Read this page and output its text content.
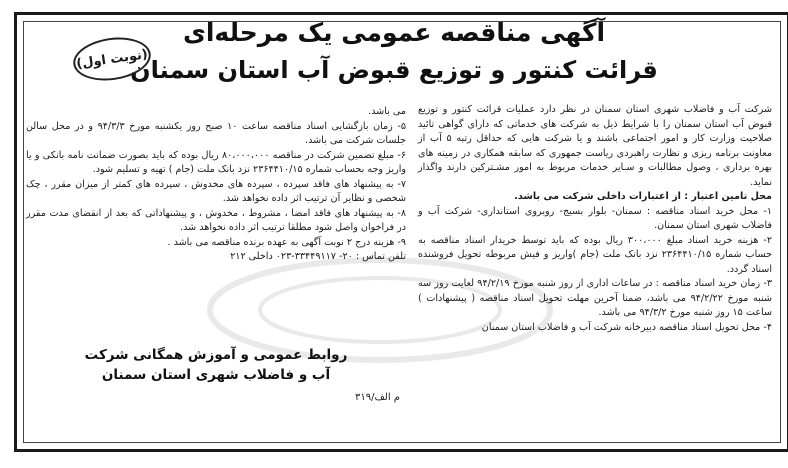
آگهی مناقصه عمومی یک مرحله‌ای
قرائت کنتور و توزیع قبوض آب استان سمنان
(نوبت اول)

شرکت آب و فاضلاب شهری استان سمنان در نظر دارد عملیات قرائت کنتور و توزیع قبوض آب استان سمنان را با شرایط ذیل به شرکت های خدماتی که دارای گواهی تائید صلاحیت وزارت کار و امور اجتماعی باشند و یا شرکت هایی که حداقل رتبه ۵ آب از معاونت برنامه ریزی و نظارت راهبردی ریاست جمهوری که سابقه همکاری در زمینه های بهره برداری ، وصول مطالبات و سـایر خدمات مربوط به امور مشـترکین دارند واگذار نماید.

محل تامین اعتبار : از اعتبارات داخلی شرکت می باشد.

۱- محل خرید اسناد مناقصه : سمنان- بلوار بسیج- روبروی استانداری- شرکت آب و فاضلاب شهری استان سمنان.

۲- هزینه خرید اسناد مبلغ ۳۰۰،۰۰۰ ریال بوده که باید توسط خریدار اسناد مناقصه به حساب شماره ۲۳۶۴۴۱۰/۱۵ نزد بانک ملت (جام )واریز و فیش مربوطه تحویل فروشنده اسناد گردد.

۳- زمان خرید اسناد مناقصه : در ساعات اداری از روز شنبه مورخ ۹۴/۲/۱۹ لغایت روز سه شنبه مورخ ۹۴/۲/۲۲ می باشد، ضمنا آخرین مهلت تحویل اسناد مناقصه ( پیشنهادات ) ساعت ۱۵ روز شنبه مورخ ۹۴/۳/۲ می باشد.

۴- محل تحویل اسناد مناقصه دبیرخانه شرکت آب و فاضلاب استان سمنان

می باشد.

۵- زمان بازگشایی اسناد مناقصه ساعت ۱۰ صبح روز یکشنبه مورخ ۹۴/۳/۳ و در محل سالن جلسات شرکت می باشد.

۶- مبلغ تضمین شرکت در مناقصه ۸۰،۰۰۰،۰۰۰ ریال بوده که باید بصورت ضمانت نامه بانکی و یا واریز وجه بحساب شماره ۲۳۶۴۴۱۰/۱۵ نزد بانک ملت (جام ) تهیه و تسلیم شود.

۷- به پیشنهاد های فاقد سپرده ، سپرده های مخدوش ، سپرده های کمتر از میزان مقرر ، چک شخصی و نظایر آن ترتیب اثر داده نخواهد شد.

۸- به پیشنهاد های فاقد امضا ، مشروط ، مخدوش ، و پیشنهاداتی که بعد از انقضای مدت مقرر در فراخوان واصل شود مطلقا ترتیب اثر داده نخواهد شد.

۹- هزینه درج ۲ نوبت آگهی به عهده برنده مناقصه می باشد .

تلفن تماس : ۲۰- ۳۳۴۴۹۱۱۷-۰۲۳ داخلی ۲۱۲

روابط عمومی و آموزش همگانی شرکت
آب و فاضلاب شهری استان سمنان
م الف/۳۱۹
